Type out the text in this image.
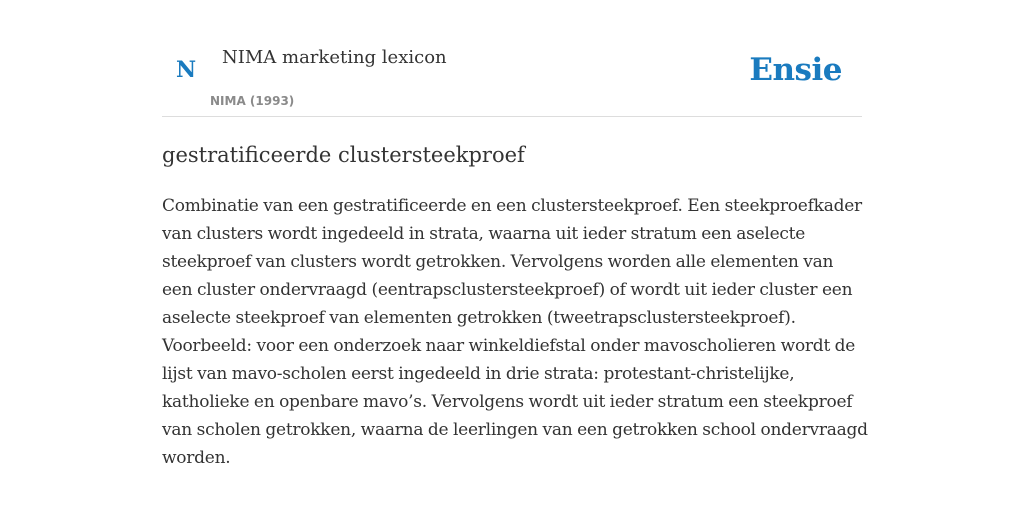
N NIMA marketing lexicon
NIMA (1993)
Ensie
gestratificeerde clustersteekproef

Combinatie van een gestratificeerde en een clustersteekproef. Een steekproefkader van clusters wordt ingedeeld in strata, waarna uit ieder stratum een aselecte steekproef van clusters wordt getrokken. Vervolgens worden alle elementen van een cluster ondervraagd (eentrapsclustersteekproef) of wordt uit ieder cluster een aselecte steekproef van elementen getrokken (tweetrapsclustersteekproef). Voorbeeld: voor een onderzoek naar winkeldiefstal onder mavoscholieren wordt de lijst van mavo-scholen eerst ingedeeld in drie strata: protestant-christelijke, katholieke en openbare mavo’s. Vervolgens wordt uit ieder stratum een steekproef van scholen getrokken, waarna de leerlingen van een getrokken school ondervraagd worden.
